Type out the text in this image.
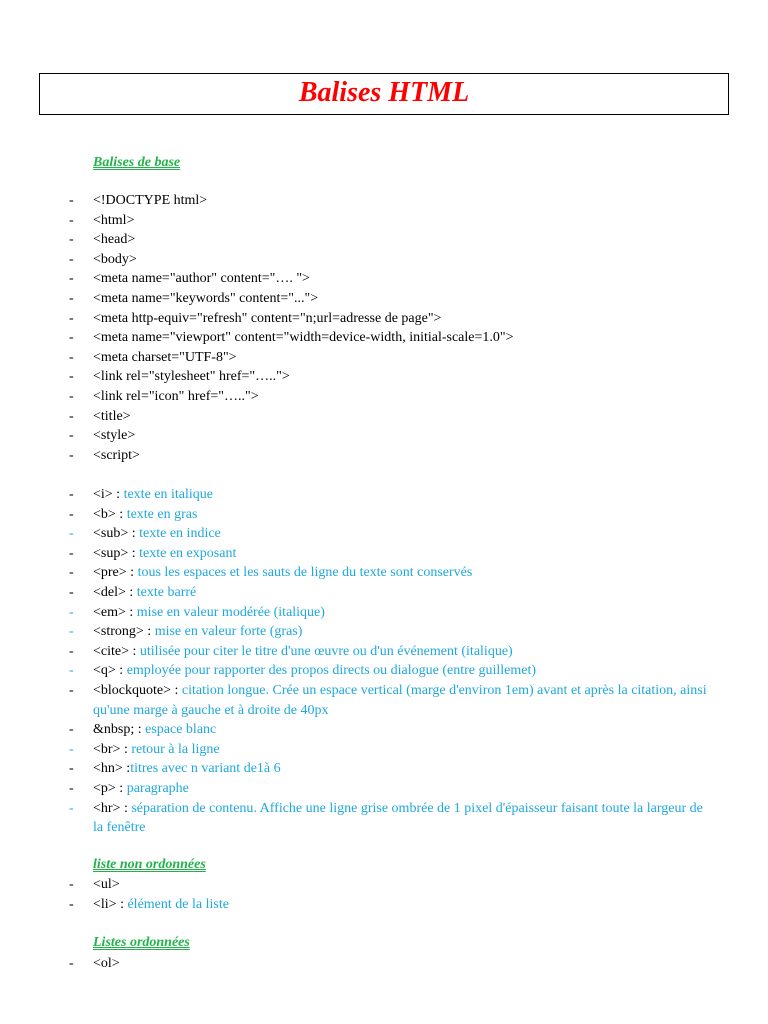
Balises HTML
Balises de base
- <!DOCTYPE html>
- <html>
- <head>
- <body>
- <meta name="author" content="…. ">
- <meta name="keywords" content="...">
- <meta http-equiv="refresh" content="n;url=adresse de page">
- <meta name="viewport" content="width=device-width, initial-scale=1.0">
- <meta charset="UTF-8">
- <link rel="stylesheet" href="…..">
- <link rel="icon" href="…..">
- <title>
- <style>
- <script>
- <i> : texte en italique
- <b> : texte en gras
- <sub> : texte en indice
- <sup> : texte en exposant
- <pre> : tous les espaces et les sauts de ligne du texte sont conservés
- <del> : texte barré
- <em> : mise en valeur modérée (italique)
- <strong> : mise en valeur forte (gras)
- <cite> : utilisée pour citer le titre d'une œuvre ou d'un événement (italique)
- <q> : employée pour rapporter des propos directs ou dialogue (entre guillemet)
- <blockquote> : citation longue. Crée un espace vertical (marge d'environ 1em) avant et après la citation, ainsi qu'une marge à gauche et à droite de 40px
- &nbsp; : espace blanc
- <br> : retour à la ligne
- <hn> :titres avec n variant de1à 6
- <p> : paragraphe
- <hr> : séparation de contenu. Affiche une ligne grise ombrée de 1 pixel d'épaisseur faisant toute la largeur de la fenêtre
liste non ordonnées
- <ul>
- <li> : élément de la liste
Listes ordonnées
- <ol>
